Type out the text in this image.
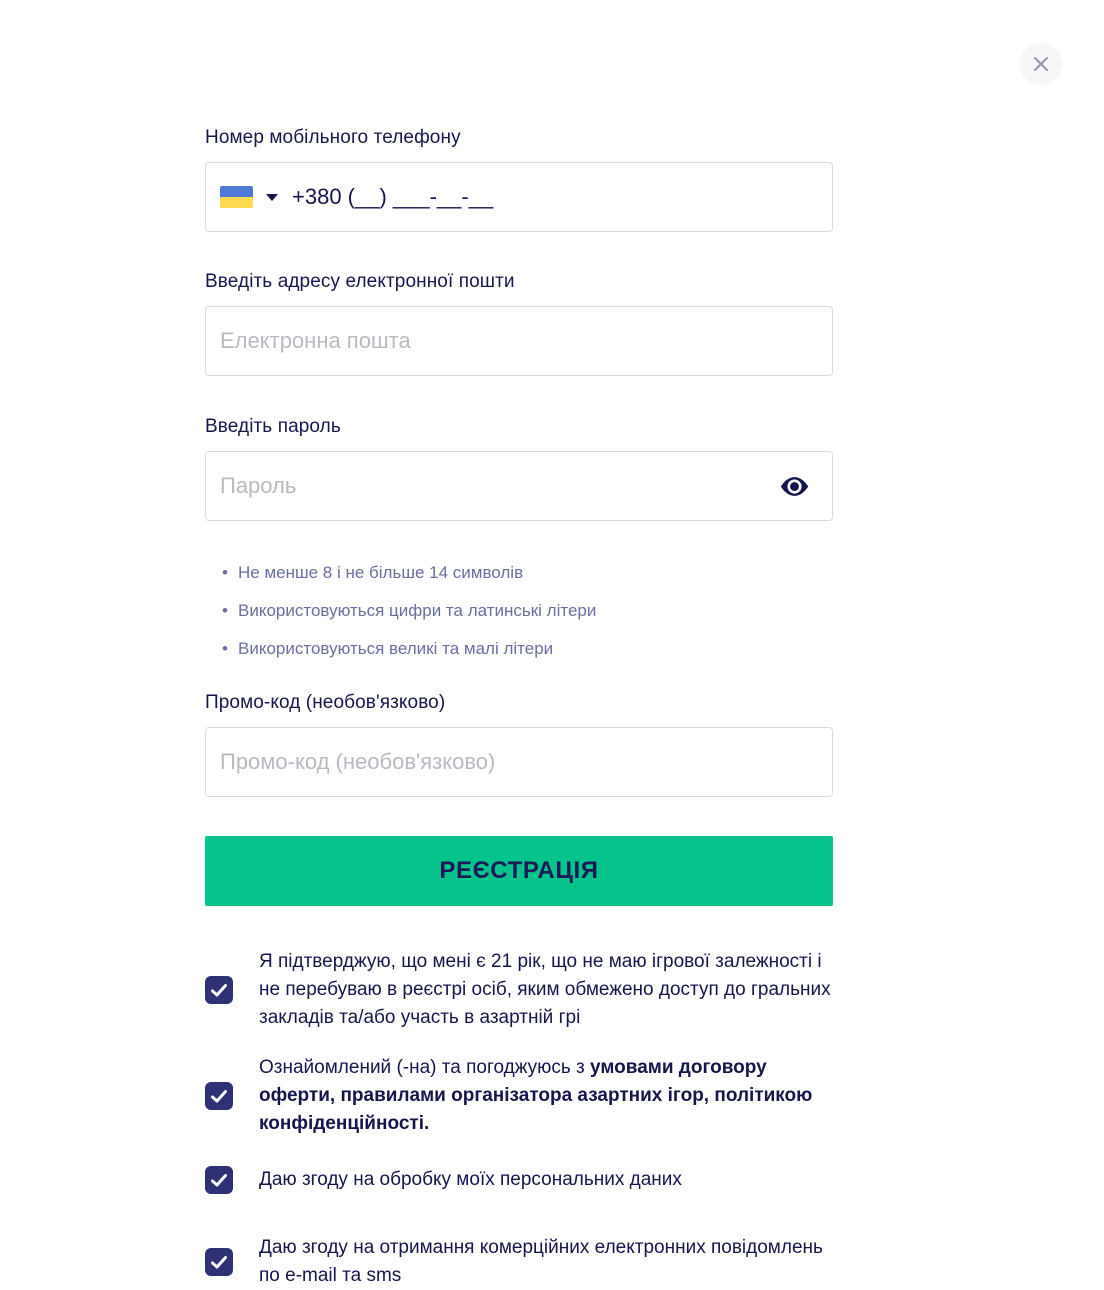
Номер мобільного телефону
+380 (__) ___-__-__
Введіть адресу електронної пошти
Електронна пошта
Введіть пароль
• Не менше 8 і не більше 14 символів
• Використовуються цифри та латинські літери
• Використовуються великі та малі літери
Промо-код (необов'язково)
Промо-код (необов'язково)
РЕЄСТРАЦІЯ
Я підтверджую, що мені є 21 рік, що не маю ігрової залежності і не перебуваю в реєстрі осіб, яким обмежено доступ до гральних закладів та/або участь в азартній грі
Ознайомлений (-на) та погоджуюсь з умовами договору оферти, правилами організатора азартних ігор, політикою конфіденційності.
Даю згоду на обробку моїх персональних даних
Даю згоду на отримання комерційних електронних повідомлень по e-mail та sms
